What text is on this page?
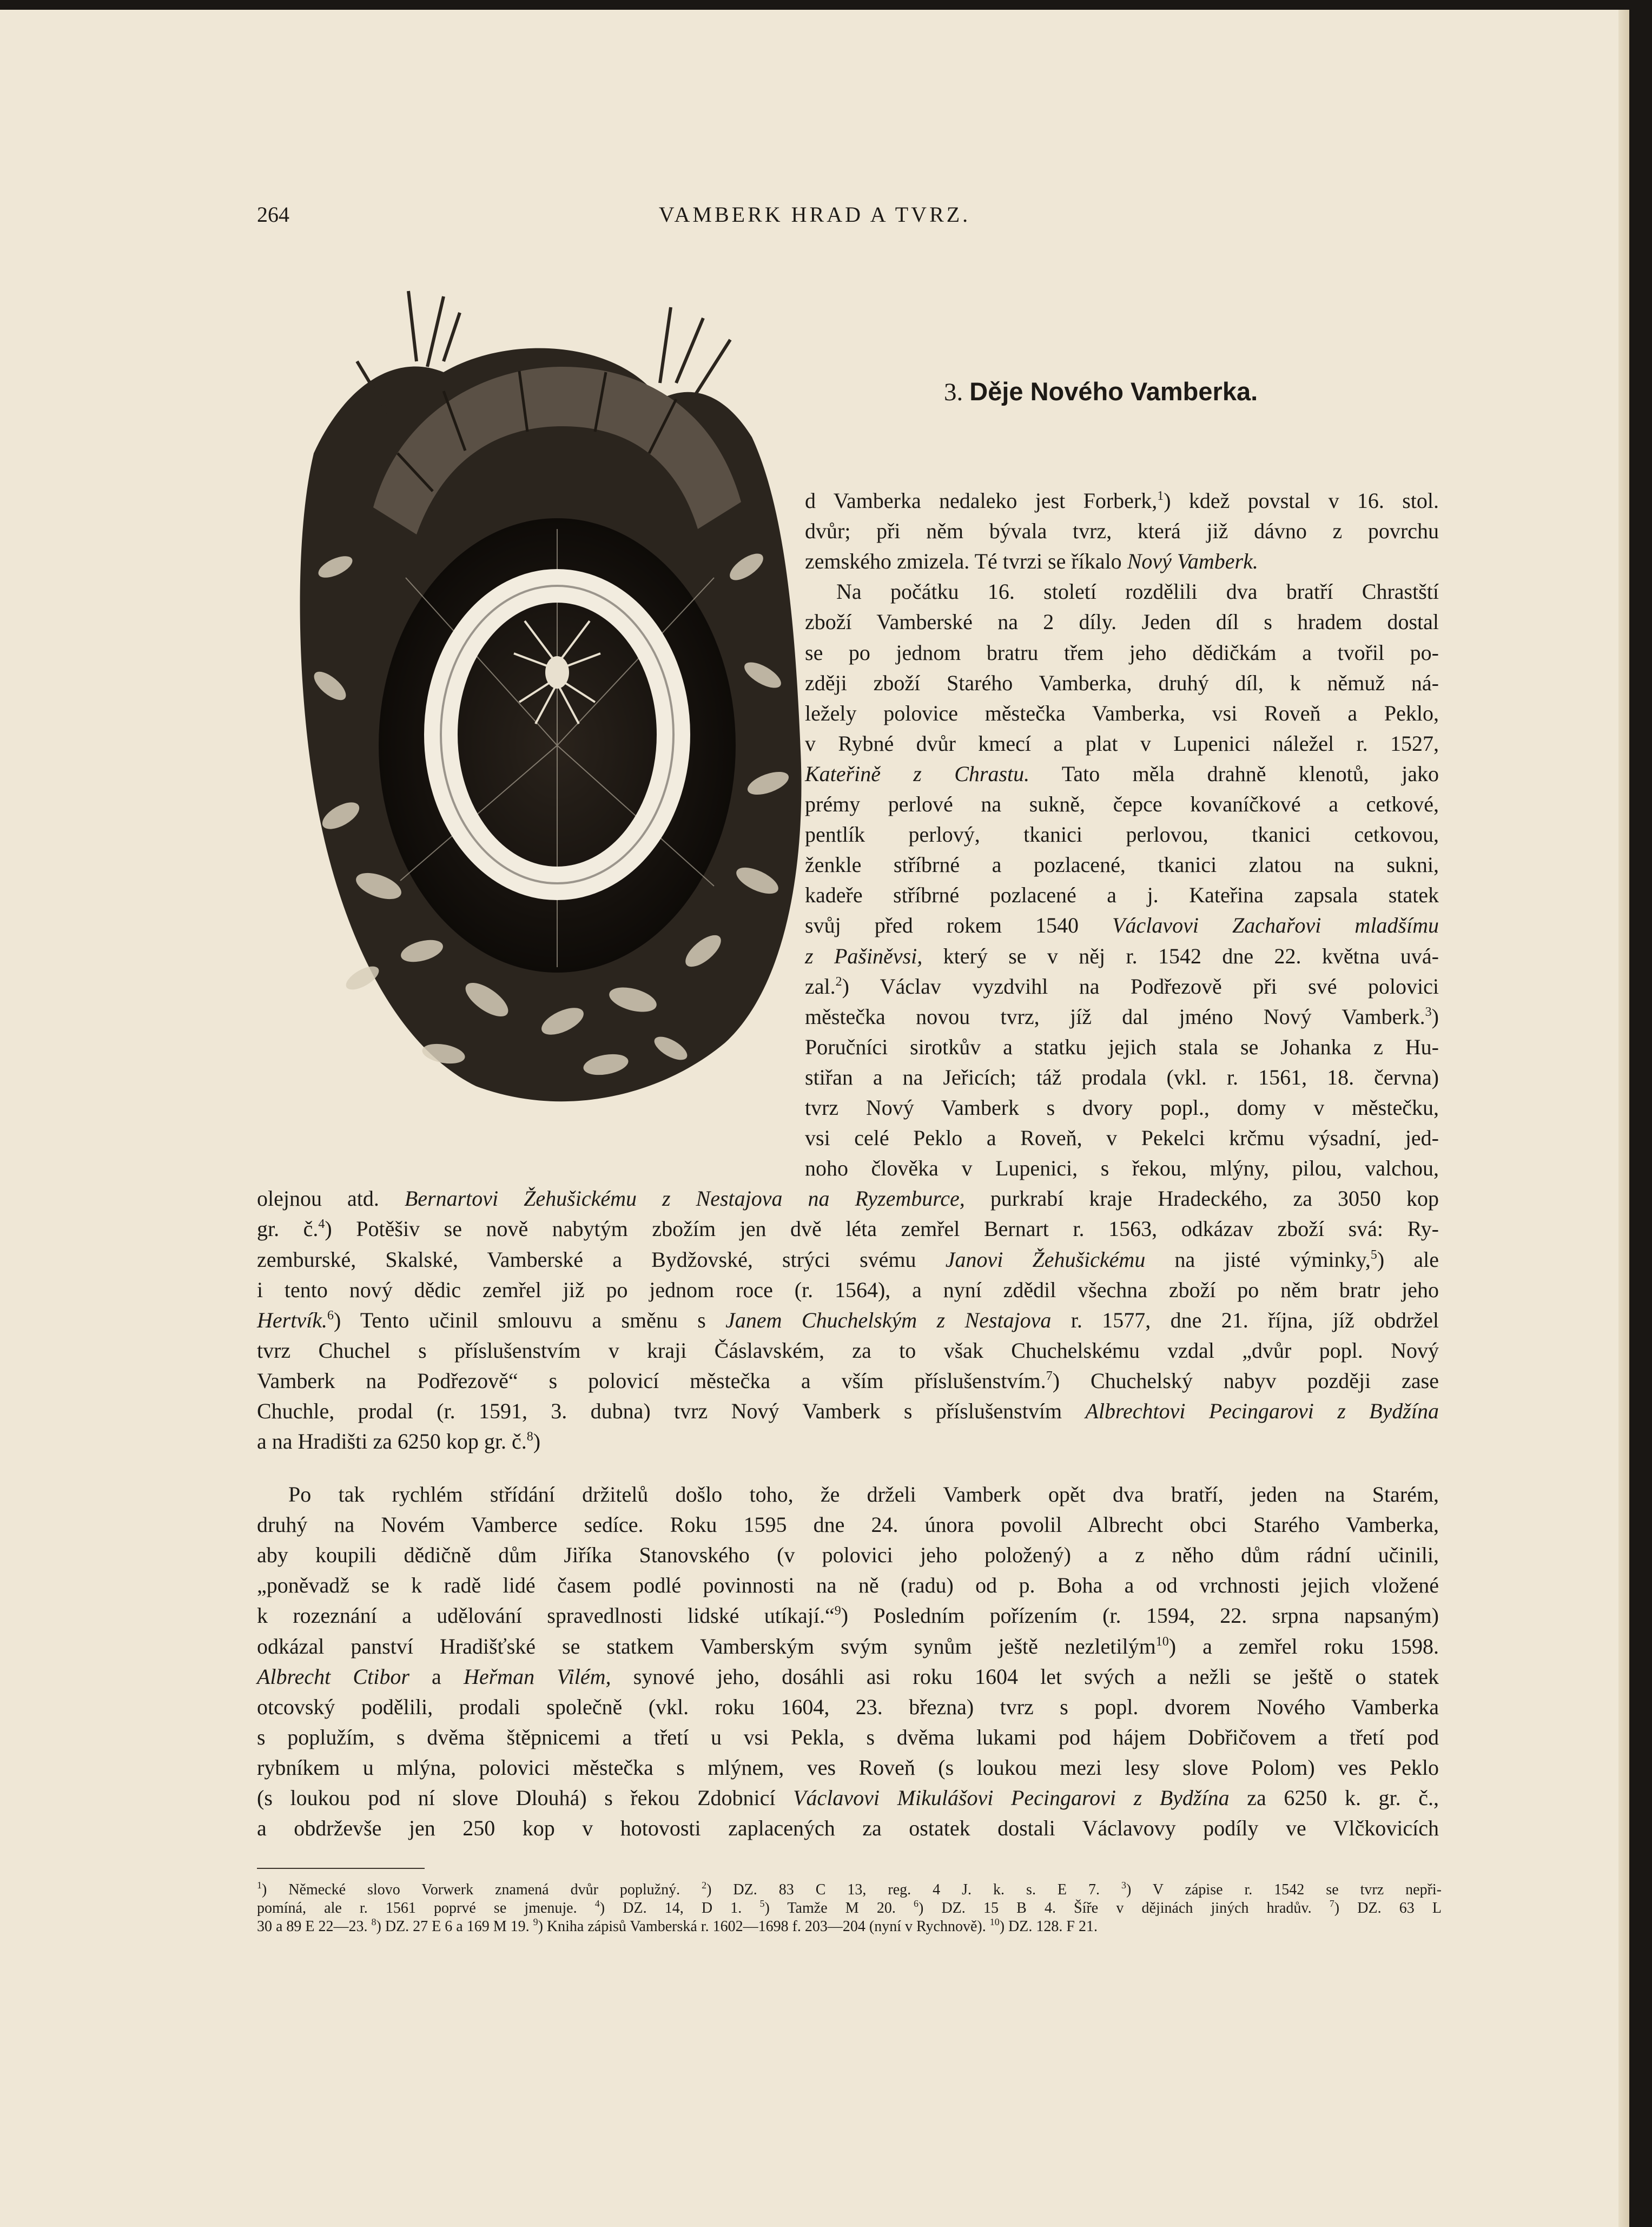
VAMBERK HRAD A TVRZ.
264
3. Děje Nového Vamberka.
d Vamberka nedaleko jest Forberk,$^1$) kdež povstal v 16. stol.
dvůr; při něm bývala tvrz, která již dávno z povrchu
zemského zmizela. Té tvrzi se říkalo Nový Vamberk.
Na počátku 16. století rozdělili dva bratří Chrastští
zboží Vamberské na 2 díly. Jeden díl s hradem dostal
se po jednom bratru třem jeho dědičkám a tvořil po-
zději zboží Starého Vamberka, druhý díl, k němuž ná-
ležely polovice městečka Vamberka, vsi Roveň a Peklo,
v Rybné dvůr kmecí a plat v Lupenici náležel r. 1527,
Kateřině z Chrastu. Tato měla drahně klenotů, jako
prémy perlové na sukně, čepce kovaníčkové a cetkové,
pentlík perlový, tkanici perlovou, tkanici cetkovou,
ženkle stříbrné a pozlacené, tkanici zlatou na sukni,
kadeře stříbrné pozlacené a j. Kateřina zapsala statek
svůj před rokem 1540 Václavovi Zachařovi mladšímu
z Pašiněvsi, který se v něj r. 1542 dne 22. května uvá-
zal.$^2$) Václav vyzdvihl na Podřezově při své polovici
městečka novou tvrz, jíž dal jméno Nový Vamberk.$^3$)
Poručníci sirotkův a statku jejich stala se Johanka z Hu-
stiřan a na Jeřicích; táž prodala (vkl. r. 1561, 18. června)
tvrz Nový Vamberk s dvory popl., domy v městečku,
vsi celé Peklo a Roveň, v Pekelci krčmu výsadní, jed-
noho člověka v Lupenici, s řekou, mlýny, pilou, valchou,
olejnou atd. Bernartovi Žehušickému z Nestajova na Ryzemburce, purkrabí kraje Hradeckého, za 3050 kop
gr. č.$^4$) Potěšiv se nově nabytým zbožím jen dvě léta zemřel Bernart r. 1563, odkázav zboží svá: Ry-
zemburské, Skalské, Vamberské a Bydžovské, strýci svému Janovi Žehušickému na jisté výminky,$^5$) ale
i tento nový dědic zemřel již po jednom roce (r. 1564), a nyní zdědil všechna zboží po něm bratr jeho
Hertvík.$^6$) Tento učinil smlouvu a směnu s Janem Chuchelským z Nestajova r. 1577, dne 21. října, jíž obdržel
tvrz Chuchel s příslušenstvím v kraji Čáslavském, za to však Chuchelskému vzdal „dvůr popl. Nový
Vamberk na Podřezově“ s polovicí městečka a vším příslušenstvím.$^7$) Chuchelský nabyv později zase
Chuchle, prodal (r. 1591, 3. dubna) tvrz Nový Vamberk s příslušenstvím Albrechtovi Pecingarovi z Bydžína
a na Hradišti za 6250 kop gr. č.$^8$)
Po tak rychlém střídání držitelů došlo toho, že drželi Vamberk opět dva bratří, jeden na Starém,
druhý na Novém Vamberce sedíce. Roku 1595 dne 24. února povolil Albrecht obci Starého Vamberka,
aby koupili dědičně dům Jiříka Stanovského (v polovici jeho položený) a z něho dům rádní učinili,
„poněvadž se k radě lidé časem podlé povinnosti na ně (radu) od p. Boha a od vrchnosti jejich vložené
k rozeznání a udělování spravedlnosti lidské utíkají.“$^9$) Posledním pořízením (r. 1594, 22. srpna napsaným)
odkázal panství Hradišťské se statkem Vamberským svým synům ještě nezletilým$^{10}$) a zemřel roku 1598.
Albrecht Ctibor a Heřman Vilém, synové jeho, dosáhli asi roku 1604 let svých a nežli se ještě o statek
otcovský podělili, prodali společně (vkl. roku 1604, 23. března) tvrz s popl. dvorem Nového Vamberka
s poplužím, s dvěma štěpnicemi a třetí u vsi Pekla, s dvěma lukami pod hájem Dobřičovem a třetí pod
rybníkem u mlýna, polovici městečka s mlýnem, ves Roveň (s loukou mezi lesy slove Polom) ves Peklo
(s loukou pod ní slove Dlouhá) s řekou Zdobnicí Václavovi Mikulášovi Pecingarovi z Bydžína za 6250 k. gr. č.,
a obdrževše jen 250 kop v hotovosti zaplacených za ostatek dostali Václavovy podíly ve Vlčkovicích
$^1$) Německé slovo Vorwerk znamená dvůr poplužný. $^2$) DZ. 83 C 13, reg. 4 J. k. s. E 7. $^3$) V zápise r. 1542 se tvrz nepři-
pomíná, ale r. 1561 poprvé se jmenuje. $^4$) DZ. 14, D 1. $^5$) Tamže M 20. $^6$) DZ. 15 B 4. Šíře v dějinách jiných hradův. $^7$) DZ. 63 L
30 a 89 E 22—23. $^8$) DZ. 27 E 6 a 169 M 19. $^9$) Kniha zápisů Vamberská r. 1602—1698 f. 203—204 (nyní v Rychnově). $^{10}$) DZ. 128. F 21.
